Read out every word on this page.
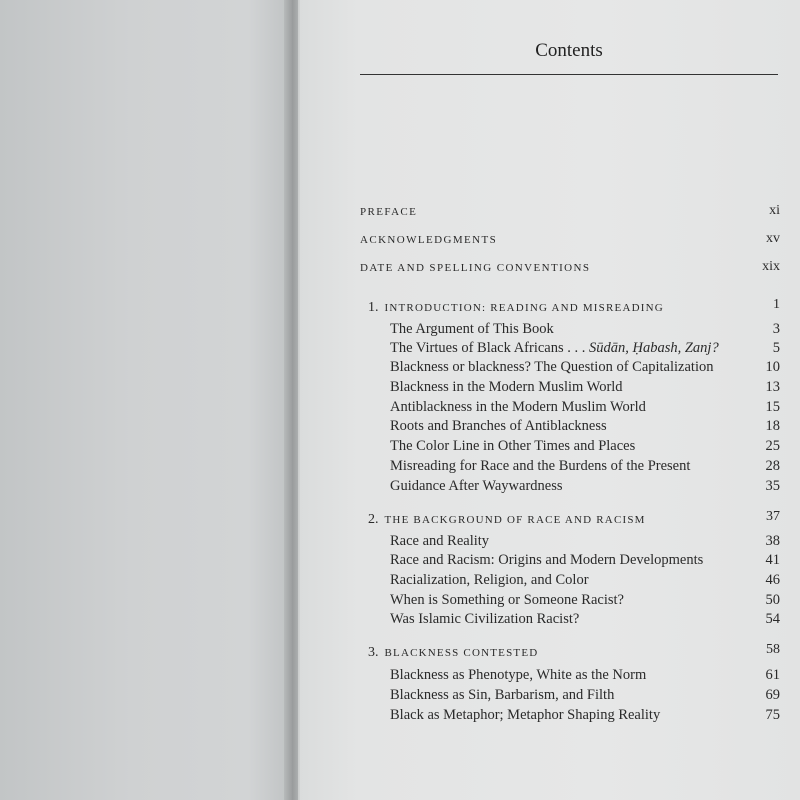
Contents
PREFACE	xi
ACKNOWLEDGMENTS	xv
DATE AND SPELLING CONVENTIONS	xix
1. INTRODUCTION: READING AND MISREADING	1
The Argument of This Book	3
The Virtues of Black Africans . . . Sūdān, Ḥabash, Zanj?	5
Blackness or blackness? The Question of Capitalization	10
Blackness in the Modern Muslim World	13
Antiblackness in the Modern Muslim World	15
Roots and Branches of Antiblackness	18
The Color Line in Other Times and Places	25
Misreading for Race and the Burdens of the Present	28
Guidance After Waywardness	35
2. THE BACKGROUND OF RACE AND RACISM	37
Race and Reality	38
Race and Racism: Origins and Modern Developments	41
Racialization, Religion, and Color	46
When is Something or Someone Racist?	50
Was Islamic Civilization Racist?	54
3. BLACKNESS CONTESTED	58
Blackness as Phenotype, White as the Norm	61
Blackness as Sin, Barbarism, and Filth	69
Black as Metaphor; Metaphor Shaping Reality	75
